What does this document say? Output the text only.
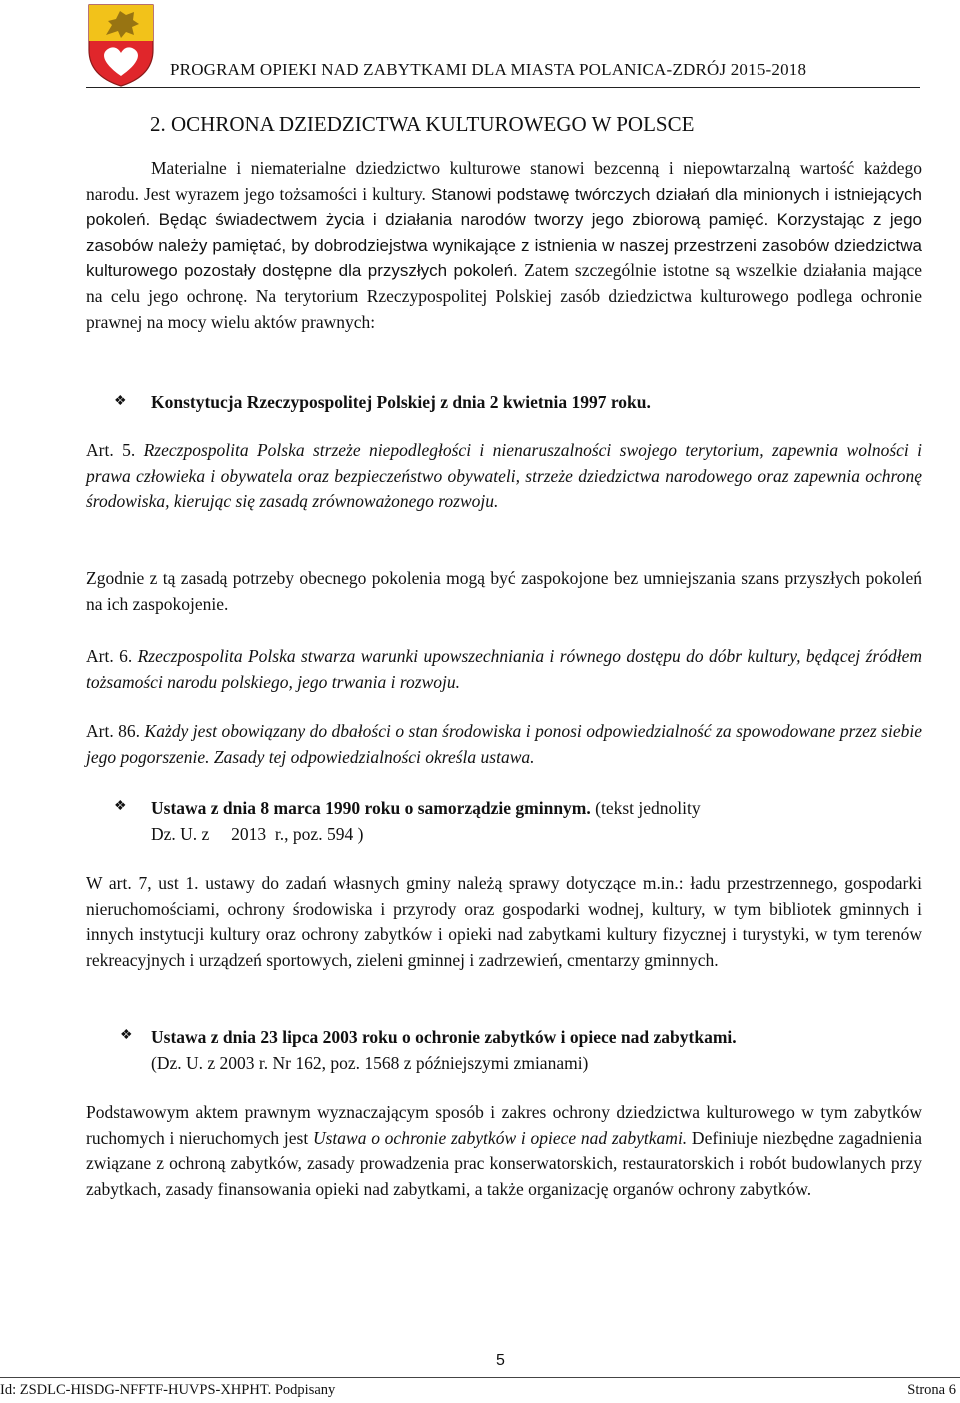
PROGRAM OPIEKI NAD ZABYTKAMI DLA MIASTA POLANICA-ZDRÓJ 2015-2018
2. OCHRONA DZIEDZICTWA KULTUROWEGO W POLSCE

Materialne i niematerialne dziedzictwo kulturowe stanowi bezcenną i niepowtarzalną wartość każdego narodu. Jest wyrazem jego tożsamości i kultury. Stanowi podstawę twórczych działań dla minionych i istniejących pokoleń. Będąc świadectwem życia i działania narodów tworzy jego zbiorową pamięć. Korzystając z jego zasobów należy pamiętać, by dobrodziejstwa wynikające z istnienia w naszej przestrzeni zasobów dziedzictwa kulturowego pozostały dostępne dla przyszłych pokoleń. Zatem szczególnie istotne są wszelkie działania mające na celu jego ochronę. Na terytorium Rzeczypospolitej Polskiej zasób dziedzictwa kulturowego podlega ochronie prawnej na mocy wielu aktów prawnych:

❖ Konstytucja Rzeczypospolitej Polskiej z dnia 2 kwietnia 1997 roku.

Art. 5. Rzeczpospolita Polska strzeże niepodległości i nienaruszalności swojego terytorium, zapewnia wolności i prawa człowieka i obywatela oraz bezpieczeństwo obywateli, strzeże dziedzictwa narodowego oraz zapewnia ochronę środowiska, kierując się zasadą zrównoważonego rozwoju.

Zgodnie z tą zasadą potrzeby obecnego pokolenia mogą być zaspokojone bez umniejszania szans przyszłych pokoleń na ich zaspokojenie.

Art. 6. Rzeczpospolita Polska stwarza warunki upowszechniania i równego dostępu do dóbr kultury, będącej źródłem tożsamości narodu polskiego, jego trwania i rozwoju.

Art. 86. Każdy jest obowiązany do dbałości o stan środowiska i ponosi odpowiedzialność za spowodowane przez siebie jego pogorszenie. Zasady tej odpowiedzialności określa ustawa.

❖ Ustawa z dnia 8 marca 1990 roku o samorządzie gminnym. (tekst jednolity

Dz. U. z     2013  r., poz. 594 )

W art. 7, ust 1. ustawy do zadań własnych gminy należą sprawy dotyczące m.in.: ładu przestrzennego, gospodarki nieruchomościami, ochrony środowiska i przyrody oraz gospodarki wodnej, kultury, w tym bibliotek gminnych i innych instytucji kultury oraz ochrony zabytków i opieki nad zabytkami kultury fizycznej i turystyki, w tym terenów rekreacyjnych i urządzeń sportowych, zieleni gminnej i zadrzewień, cmentarzy gminnych.

❖ Ustawa z dnia 23 lipca 2003 roku o ochronie zabytków i opiece nad zabytkami.
(Dz. U. z 2003 r. Nr 162, poz. 1568 z późniejszymi zmianami)

Podstawowym aktem prawnym wyznaczającym sposób i zakres ochrony dziedzictwa kulturowego w tym zabytków ruchomych i nieruchomych jest Ustawa o ochronie zabytków i opiece nad zabytkami. Definiuje niezbędne zagadnienia związane z ochroną zabytków, zasady prowadzenia prac konserwatorskich, restauratorskich i robót budowlanych przy zabytkach, zasady finansowania opieki nad zabytkami, a także organizację organów ochrony zabytków.

5
Id: ZSDLC-HISDG-NFFTF-HUVPS-XHPHT. Podpisany	Strona 6
